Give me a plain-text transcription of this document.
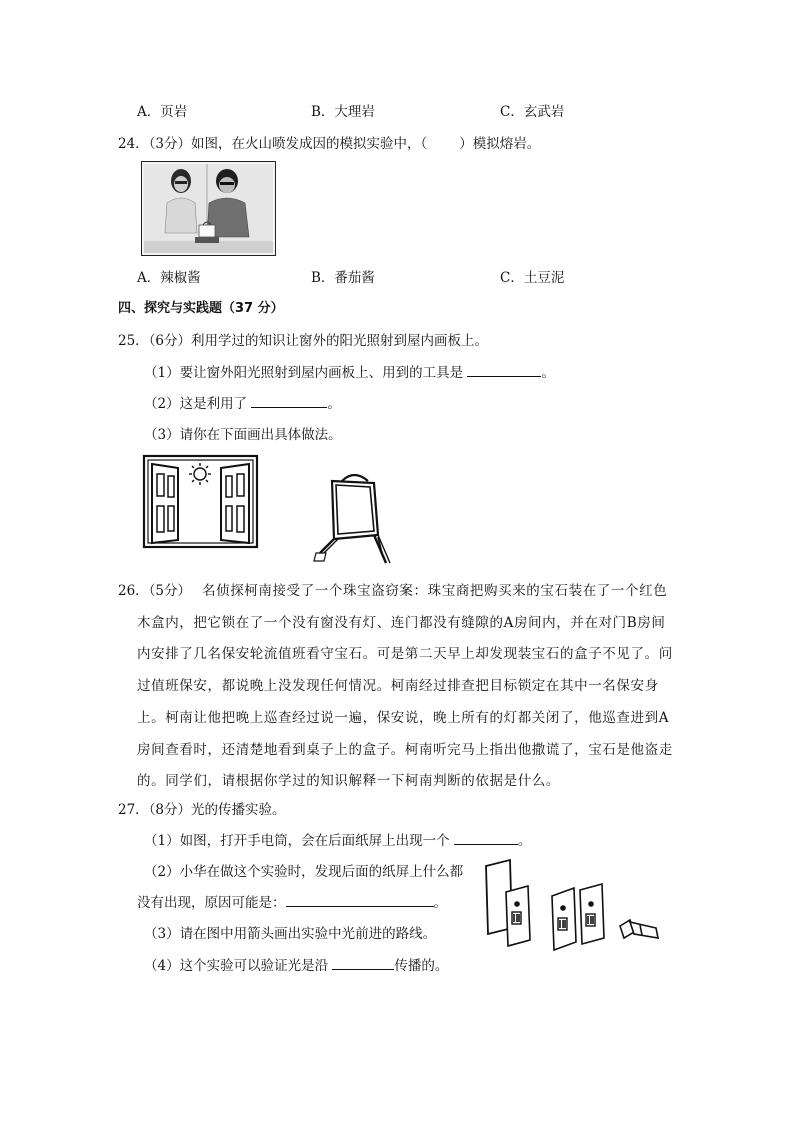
A．页岩	B．大理岩	C．玄武岩
24．（3分）如图，在火山喷发成因的模拟实验中，（ ）模拟熔岩。
A．辣椒酱	B．番茄酱	C．土豆泥
四、探究与实践题（37 分）
25．（6分）利用学过的知识让窗外的阳光照射到屋内画板上。
（1）要让窗外阳光照射到屋内画板上、用到的工具是	。
（2）这是利用了	。
（3）请你在下面画出具体做法。
26．（5分） 名侦探柯南接受了一个珠宝盗窃案：珠宝商把购买来的宝石装在了一个红色木盒内，把它锁在了一个没有窗没有灯、连门都没有缝隙的A房间内，并在对门B房间内安排了几名保安轮流值班看守宝石。可是第二天早上却发现装宝石的盒子不见了。问过值班保安，都说晚上没发现任何情况。柯南经过排查把目标锁定在其中一名保安身上。柯南让他把晚上巡查经过说一遍，保安说，晚上所有的灯都关闭了，他巡查进到A房间查看时，还清楚地看到桌子上的盒子。柯南听完马上指出他撒谎了，宝石是他盗走的。同学们，请根据你学过的知识解释一下柯南判断的依据是什么。
27．（8分）光的传播实验。
（1）如图，打开手电筒，会在后面纸屏上出现一个	。
（2）小华在做这个实验时，发现后面的纸屏上什么都
没有出现，原因可能是：	。
（3）请在图中用箭头画出实验中光前进的路线。
（4）这个实验可以验证光是沿	传播的。
